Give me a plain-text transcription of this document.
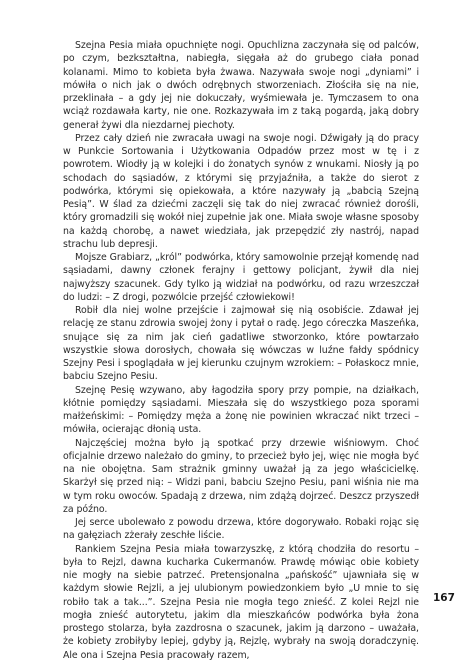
Szejna Pesia miała opuchnięte nogi. Opuchlizna zaczynała się od palców, po czym, bezkształtna, nabiegła, sięgała aż do grubego ciała ponad kolanami. Mimo to kobieta była żwawa. Nazywała swoje nogi „dyniami” i mówiła o nich jak o dwóch odrębnych stworzeniach. Złościła się na nie, przeklinała – a gdy jej nie dokuczały, wyśmiewała je. Tymczasem to ona wciąż rozdawała karty, nie one. Rozkazywała im z taką pogardą, jaką dobry generał żywi dla niezdarnej piechoty.

Przez cały dzień nie zwracała uwagi na swoje nogi. Dźwigały ją do pracy w Punkcie Sortowania i Użytkowania Odpadów przez most w tę i z powrotem. Wiodły ją w kolejki i do żonatych synów z wnukami. Niosły ją po schodach do sąsiadów, z którymi się przyjaźniła, a także do sierot z podwórka, którymi się opiekowała, a które nazywały ją „babcią Szejną Pesią”. W ślad za dziećmi zaczęli się tak do niej zwracać również dorośli, który gromadzili się wokół niej zupełnie jak one. Miała swoje własne sposoby na każdą chorobę, a nawet wiedziała, jak przepędzić zły nastrój, napad strachu lub depresji.

Mojsze Grabiarz, „król” podwórka, który samowolnie przejął komendę nad sąsiadami, dawny członek ferajny i gettowy policjant, żywił dla niej najwyższy szacunek. Gdy tylko ją widział na podwórku, od razu wrzeszczał do ludzi: – Z drogi, pozwólcie przejść człowiekowi!

Robił dla niej wolne przejście i zajmował się nią osobiście. Zdawał jej relację ze stanu zdrowia swojej żony i pytał o radę. Jego córeczka Maszeńka, snujące się za nim jak cień gadatliwe stworzonko, które powtarzało wszystkie słowa dorosłych, chowała się wówczas w luźne fałdy spódnicy Szejny Pesi i spoglądała w jej kierunku czujnym wzrokiem: – Połaskocz mnie, babciu Szejno Pesiu.

Szejnę Pesię wzywano, aby łagodziła spory przy pompie, na działkach, kłótnie pomiędzy sąsiadami. Mieszała się do wszystkiego poza sporami małżeńskimi: – Pomiędzy męża a żonę nie powinien wkraczać nikt trzeci – mówiła, ocierając dłonią usta.

Najczęściej można było ją spotkać przy drzewie wiśniowym. Choć oficjalnie drzewo należało do gminy, to przecież było jej, więc nie mogła być na nie obojętna. Sam strażnik gminny uważał ją za jego właścicielkę. Skarżył się przed nią: – Widzi pani, babciu Szejno Pesiu, pani wiśnia nie ma w tym roku owoców. Spadają z drzewa, nim zdążą dojrzeć. Deszcz przyszedł za późno.

Jej serce ubolewało z powodu drzewa, które dogorywało. Robaki rojąc się na gałęziach zżerały zeschłe liście.

Rankiem Szejna Pesia miała towarzyszkę, z którą chodziła do resortu – była to Rejzl, dawna kucharka Cukermanów. Prawdę mówiąc obie kobiety nie mogły na siebie patrzeć. Pretensjonalna „pańskość” ujawniała się w każdym słowie Rejzli, a jej ulubionym powiedzonkiem było „U mnie to się robiło tak a tak...”. Szejna Pesia nie mogła tego znieść. Z kolei Rejzl nie mogła znieść autorytetu, jakim dla mieszkańców podwórka była żona prostego stolarza, była zazdrosna o szacunek, jakim ją darzono – uważała, że kobiety zrobiłyby lepiej, gdyby ją, Rejzlę, wybrały na swoją doradczynię. Ale ona i Szejna Pesia pracowały razem,

167
